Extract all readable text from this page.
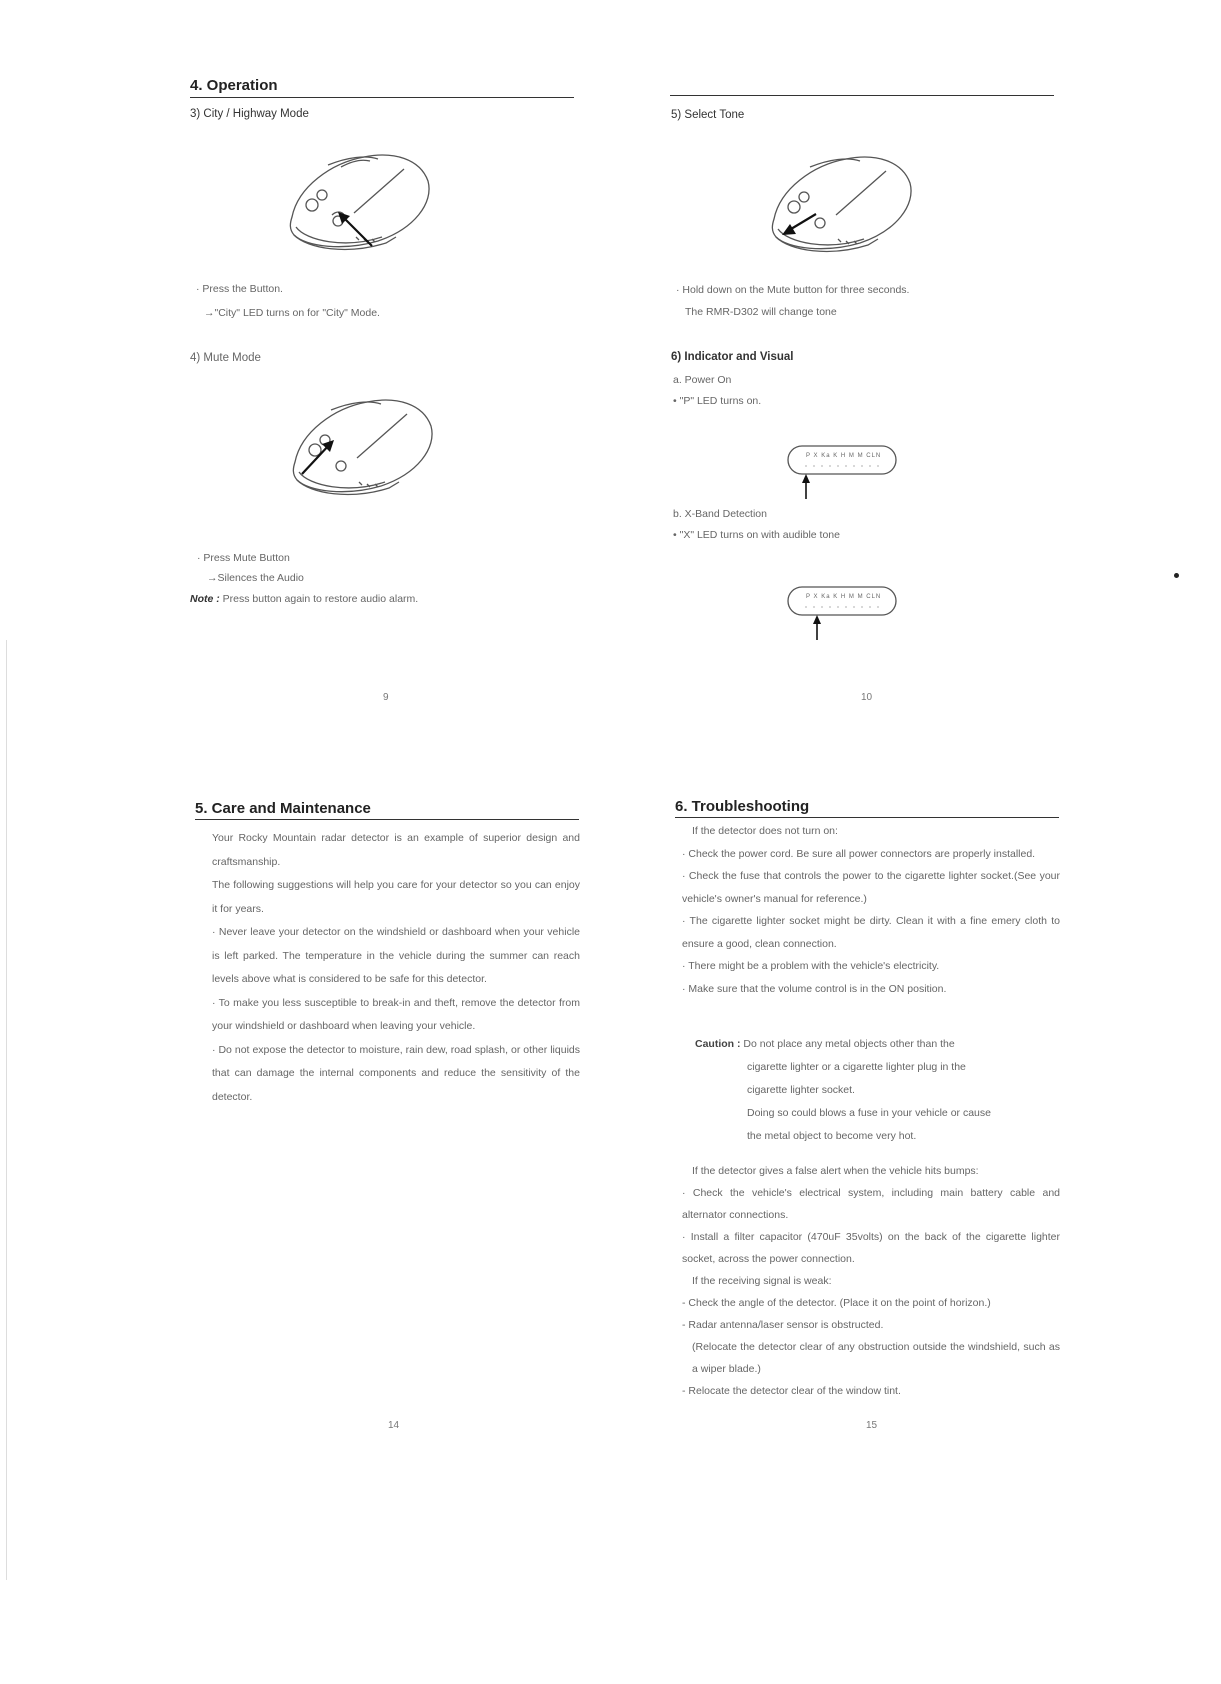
4. Operation
3) City / Highway Mode
· Press the Button.
→"City" LED turns on for "City" Mode.
4) Mute Mode
· Press Mute Button
→Silences the Audio
Note : Press button again to restore audio alarm.
9
5) Select Tone
· Hold down on the Mute button for three seconds.
The RMR-D302 will change tone
6) Indicator and Visual
a. Power On
• "P" LED turns on.
P X Ka K H M M CLN
b. X-Band Detection
• "X" LED turns on with audible tone
P X Ka K H M M CLN
10
5. Care and Maintenance

Your Rocky Mountain radar detector is an example of superior design and craftsmanship.

The following suggestions will help you care for your detector so you can enjoy it for years.

· Never leave your detector on the windshield or dashboard when your vehicle is left parked. The temperature in the vehicle during the summer can reach levels above what is considered to be safe for this detector.

· To make you less susceptible to break-in and theft, remove the detector from your windshield or dashboard when leaving your vehicle.

· Do not expose the detector to moisture, rain dew, road splash, or other liquids that can damage the internal components and reduce the sensitivity of the detector.

14
6. Troubleshooting

If the detector does not turn on:

· Check the power cord. Be sure all power connectors are properly installed.

· Check the fuse that controls the power to the cigarette lighter socket.(See your vehicle's owner's manual for reference.)

· The cigarette lighter socket might be dirty. Clean it with a fine emery cloth to ensure a good, clean connection.

· There might be a problem with the vehicle's electricity.

· Make sure that the volume control is in the ON position.

Caution : Do not place any metal objects other than the
cigarette lighter or a cigarette lighter plug in the
cigarette lighter socket.
Doing so could blows a fuse in your vehicle or cause
the metal object to become very hot.

If the detector gives a false alert when the vehicle hits bumps:

· Check the vehicle's electrical system, including main battery cable and alternator connections.

· Install a filter capacitor (470uF 35volts) on the back of the cigarette lighter socket, across the power connection.

If the receiving signal is weak:

- Check the angle of the detector. (Place it on the point of horizon.)

- Radar antenna/laser sensor is obstructed.

(Relocate the detector clear of any obstruction outside the windshield, such as a wiper blade.)

- Relocate the detector clear of the window tint.

15
